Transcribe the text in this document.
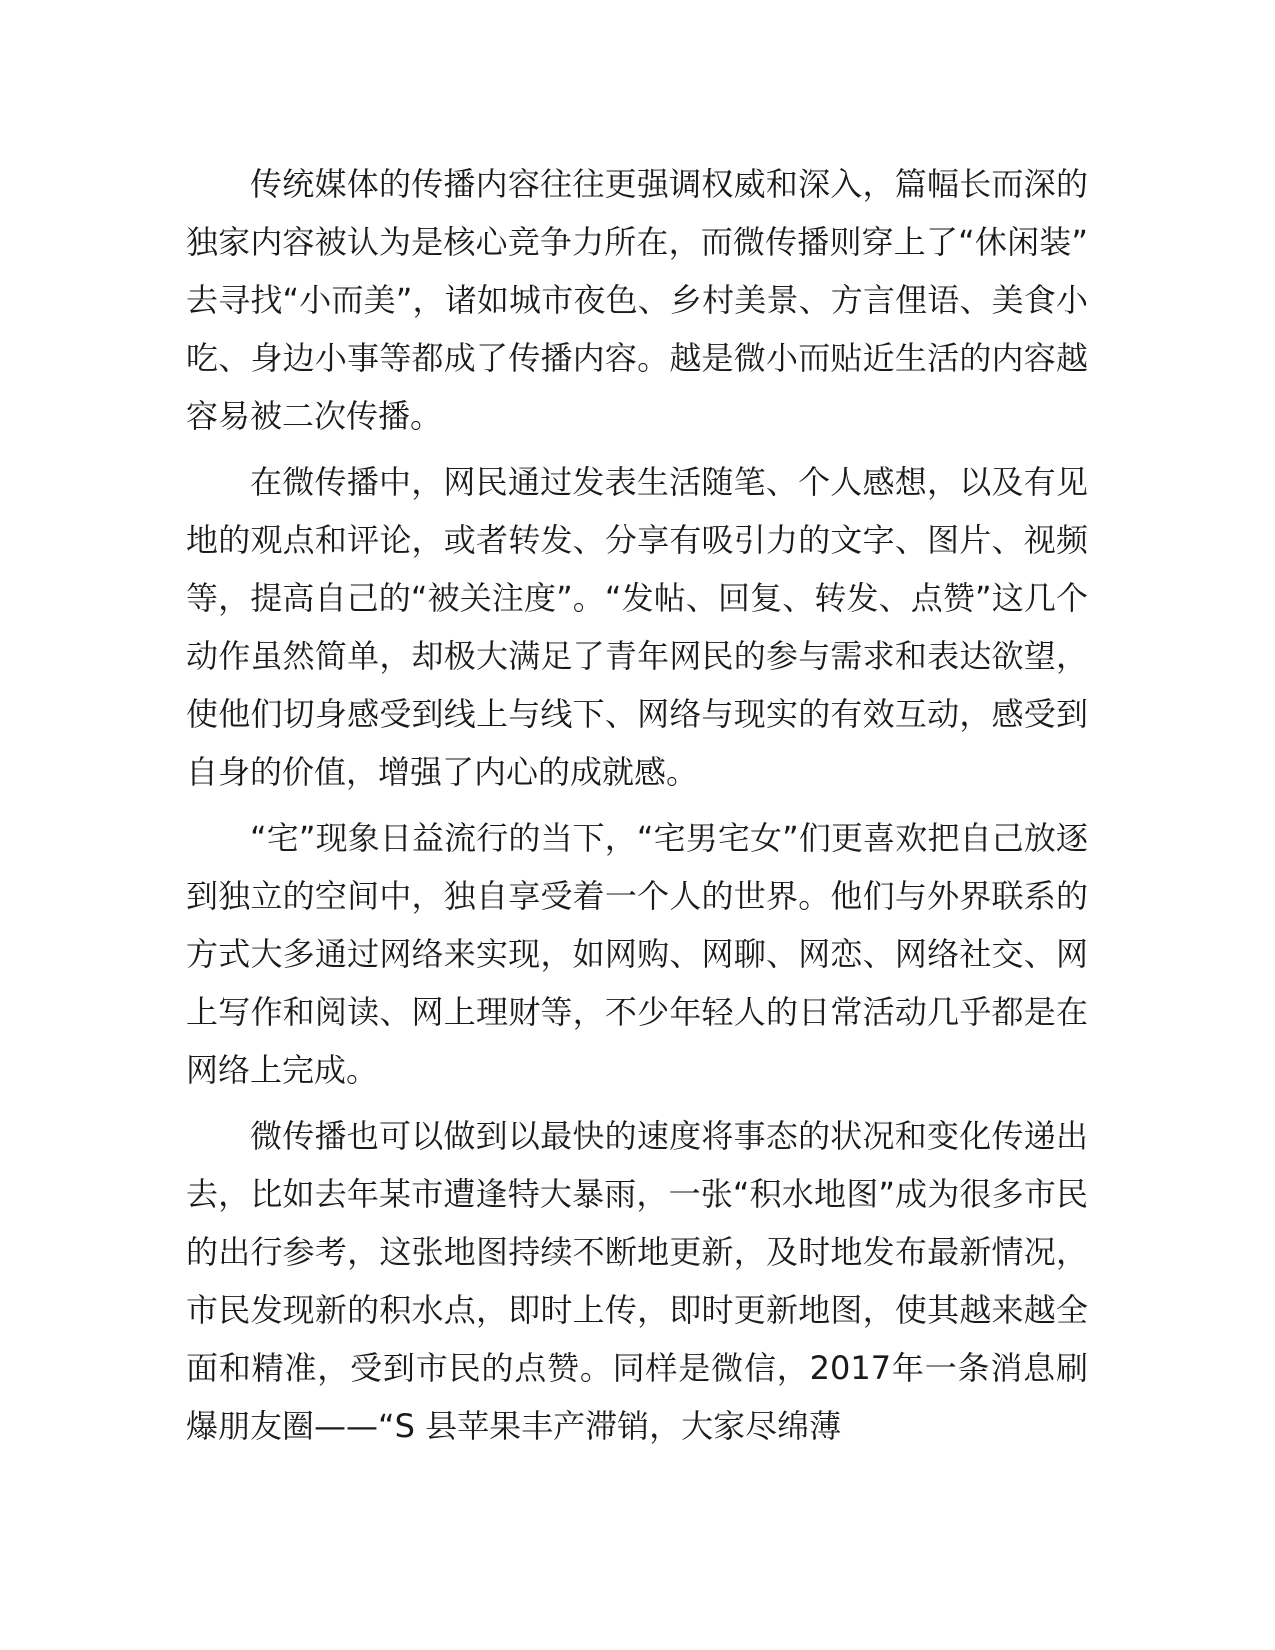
传统媒体的传播内容往往更强调权威和深入，篇幅长而深的独家内容被认为是核心竞争力所在，而微传播则穿上了“休闲装”去寻找“小而美”，诸如城市夜色、乡村美景、方言俚语、美食小吃、身边小事等都成了传播内容。越是微小而贴近生活的内容越容易被二次传播。

在微传播中，网民通过发表生活随笔、个人感想，以及有见地的观点和评论，或者转发、分享有吸引力的文字、图片、视频等，提高自己的“被关注度”。“发帖、回复、转发、点赞”这几个动作虽然简单，却极大满足了青年网民的参与需求和表达欲望，使他们切身感受到线上与线下、网络与现实的有效互动，感受到自身的价值，增强了内心的成就感。

“宅”现象日益流行的当下，“宅男宅女”们更喜欢把自己放逐到独立的空间中，独自享受着一个人的世界。他们与外界联系的方式大多通过网络来实现，如网购、网聊、网恋、网络社交、网上写作和阅读、网上理财等，不少年轻人的日常活动几乎都是在网络上完成。

微传播也可以做到以最快的速度将事态的状况和变化传递出去，比如去年某市遭逢特大暴雨，一张“积水地图”成为很多市民的出行参考，这张地图持续不断地更新，及时地发布最新情况，市民发现新的积水点，即时上传，即时更新地图，使其越来越全面和精准，受到市民的点赞。同样是微信，2017年一条消息刷爆朋友圈——“S 县苹果丰产滞销，大家尽绵薄
